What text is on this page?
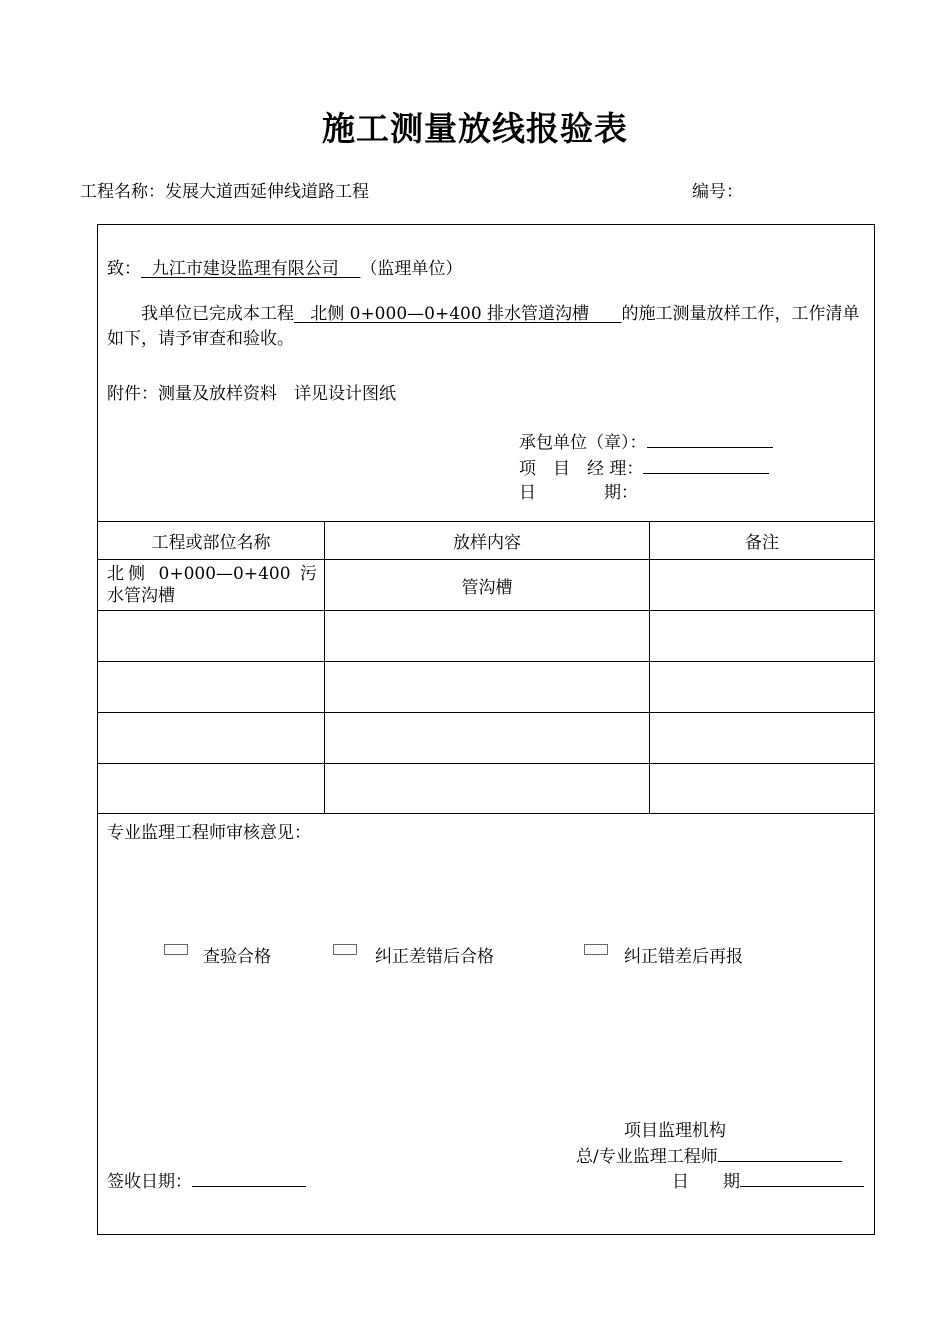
施工测量放线报验表
工程名称：发展大道西延伸线道路工程	编号：
致： 九江市建设监理有限公司 （监理单位）
我单位已完成本工程 北侧 0+000—0+400 排水管道沟槽 的施工测量放样工作，工作清单如下，请予审查和验收。
附件：测量及放样资料　详见设计图纸
承包单位（章）：
项　目　经 理：
日　　　　期：
工程或部位名称	放样内容	备注
北侧 0+000—0+400 污水管沟槽	管沟槽
专业监理工程师审核意见：
查验合格	纠正差错后合格	纠正错差后再报
项目监理机构
总/专业监理工程师
签收日期：	日　　期
